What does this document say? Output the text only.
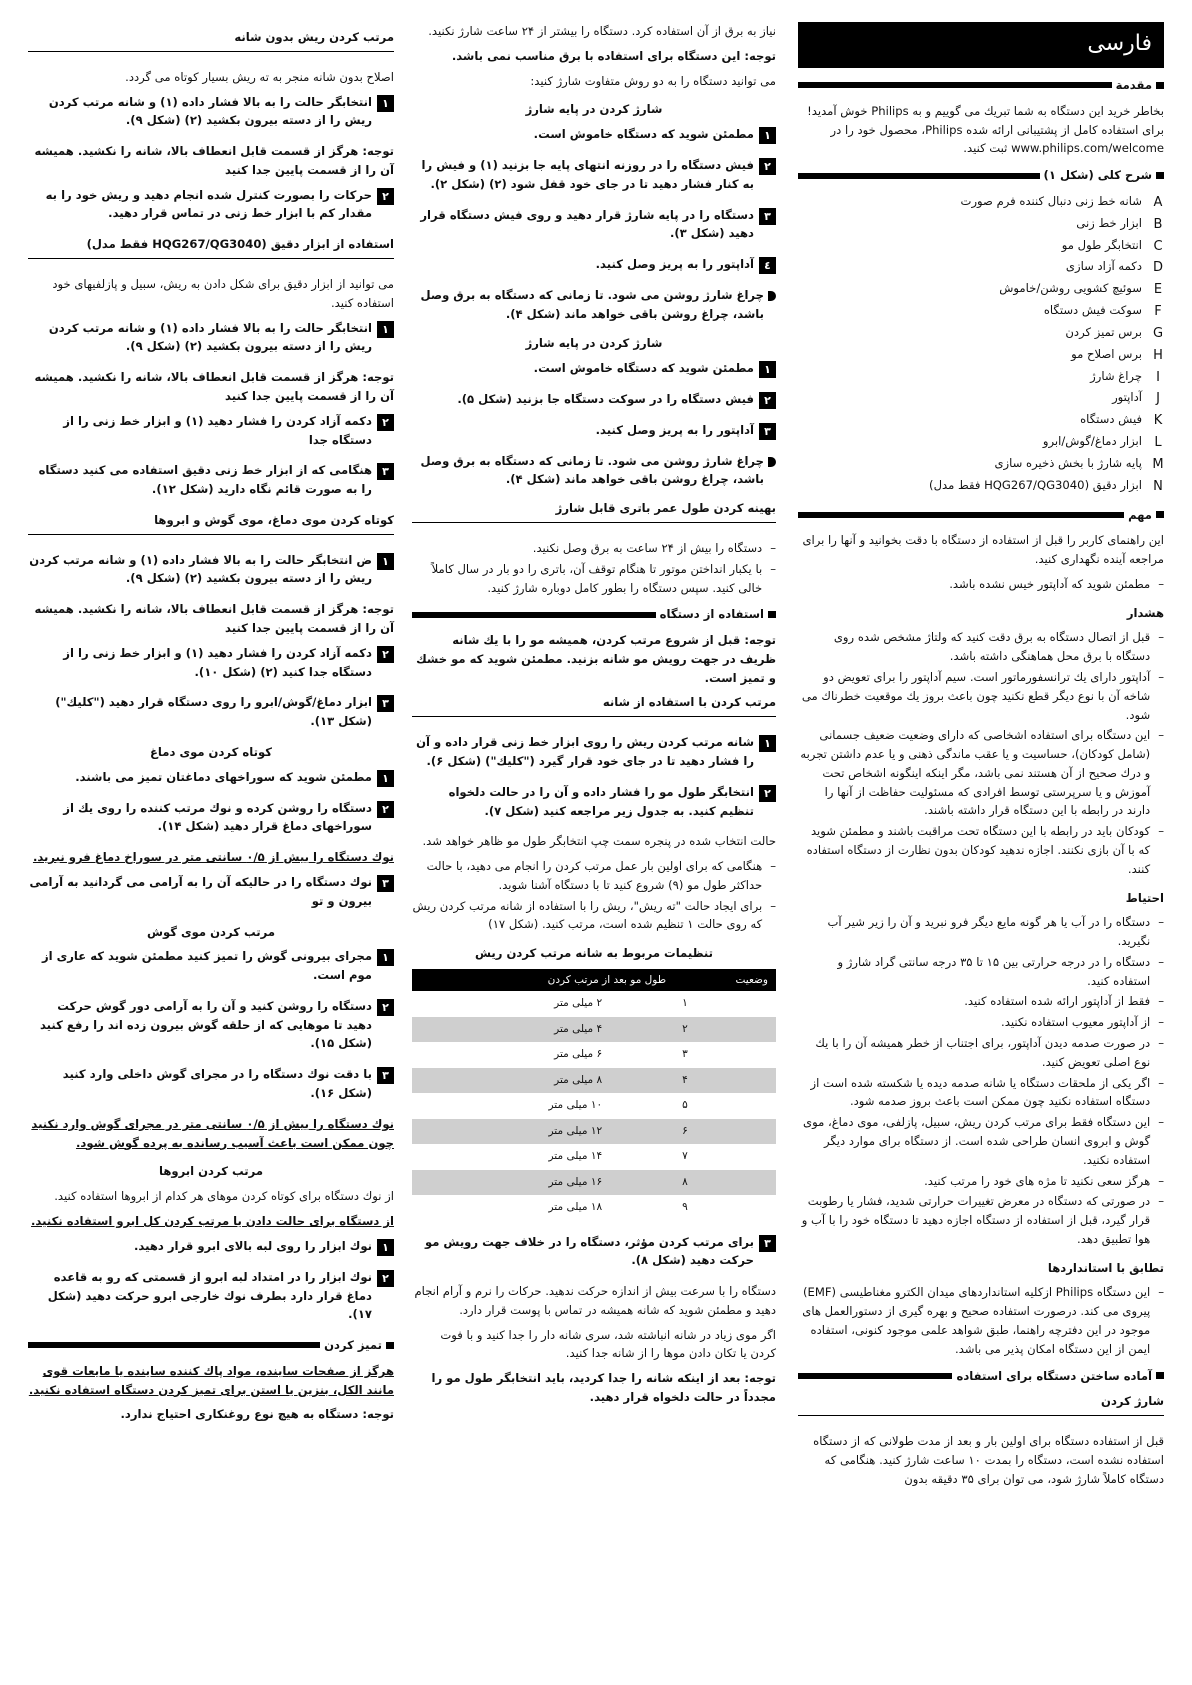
فارسی
مقدمة

بخاطر خرید این دستگاه به شما تبریك می گوییم و به Philips خوش آمدید! برای استفاده کامل از پشتیبانی ارائه شده Philips، محصول خود را در www.philips.com/welcome ثبت کنید.

شرح کلی (شکل ۱)
A
شانه خط زنی دنبال کننده فرم صورت
B
ابزار خط زنی
C
انتخابگر طول مو
D
دکمه آزاد سازی
E
سوئیچ کشویی روشن/خاموش
F
سوکت فیش دستگاه
G
برس تمیز کردن
H
برس اصلاح مو
I
چراغ شارژ
J
آداپتور
K
فیش دستگاه
L
ابزار دماغ/گوش/ابرو
M
پایه شارژ با بخش ذخیره سازی
N
ابزار دقیق (HQG267/QG3040 فقط مدل)
مهم

این راهنمای کاربر را قبل از استفاده از دستگاه با دقت بخوانید و آنها را برای مراجعه آینده نگهداری کنید.

– مطمئن شوید که آداپتور خیس نشده باشد.
هشدار
– قبل از اتصال دستگاه به برق دقت کنید که ولتاژ مشخص شده روی دستگاه با برق محل هماهنگی داشته باشد.
– آداپتور دارای یك ترانسفورماتور است. سیم آداپتور را برای تعویض دو شاخه آن با نوع دیگر قطع نکنید چون باعث بروز یك موقعیت خطرناك می شود.
– این دستگاه برای استفاده اشخاصی که دارای وضعیت ضعیف جسمانی (شامل کودکان)، حساسیت و یا عقب ماندگی ذهنی و یا عدم داشتن تجربه و درك صحیح از آن هستند نمی باشد، مگر اینکه اینگونه اشخاص تحت آموزش و یا سرپرستی توسط افرادی که مسئولیت حفاظت از آنها را دارند در رابطه با این دستگاه قرار داشته باشند.
– کودکان باید در رابطه با این دستگاه تحت مراقبت باشند و مطمئن شوید که با آن بازی نکنند. اجازه ندهید کودکان بدون نظارت از دستگاه استفاده کنند.
احتیاط
– دستگاه را در آب یا هر گونه مایع دیگر فرو نبرید و آن را زیر شیر آب نگیرید.
– دستگاه را در درجه حرارتی بین ۱۵ تا ۳۵ درجه سانتی گراد شارژ و استفاده کنید.
– فقط از آداپتور ارائه شده استفاده کنید.
– از آداپتور معیوب استفاده نکنید.
– در صورت صدمه دیدن آداپتور، برای اجتناب از خطر همیشه آن را با یك نوع اصلی تعویض کنید.
– اگر یکی از ملحقات دستگاه یا شانه صدمه دیده یا شکسته شده است از دستگاه استفاده نکنید چون ممکن است باعث بروز صدمه شود.
– این دستگاه فقط برای مرتب کردن ریش، سبیل، پازلفی، موی دماغ، موی گوش و ابروی انسان طراحی شده است. از دستگاه برای موارد دیگر استفاده نکنید.
– هرگز سعی نکنید تا مژه های خود را مرتب کنید.
– در صورتی که دستگاه در معرض تغییرات حرارتی شدید، فشار یا رطوبت قرار گیرد، قبل از استفاده از دستگاه اجازه دهید تا دستگاه خود را با آب و هوا تطبیق دهد.
تطابق با استانداردها
– این دستگاه Philips ازکلیه استانداردهای میدان الکترو مغناطیسی (EMF) پیروی می کند. درصورت استفاده صحیح و بهره گیری از دستورالعمل های موجود در این دفترچه راهنما، طبق شواهد علمی موجود کنونی، استفاده ایمن از این دستگاه امکان پذیر می باشد.
آماده ساختن دستگاه برای استفاده
شارژ کردن

قبل از استفاده دستگاه برای اولین بار و بعد از مدت طولانی که از دستگاه استفاده نشده است، دستگاه را بمدت ۱۰ ساعت شارژ کنید. هنگامی که دستگاه کاملاً شارژ شود، می توان برای ۳۵ دقیقه بدون

نیاز به برق از آن استفاده کرد. دستگاه را بیشتر از ۲۴ ساعت شارژ نکنید.

توجه: این دستگاه برای استفاده با برق مناسب نمی باشد.

می توانید دستگاه را به دو روش متفاوت شارژ کنید:

شارژ کردن در پایه شارژ
١
مطمئن شوید که دستگاه خاموش است.
٢
فیش دستگاه را در روزنه انتهای پایه جا بزنید (۱) و فیش را به کنار فشار دهید تا در جای خود قفل شود (۲) (شکل ۲).
٣
دستگاه را در پایه شارژ قرار دهید و روی فیش دستگاه قرار دهید (شکل ۳).
٤
آداپتور را به پریز وصل کنید.
چراغ شارژ روشن می شود. تا زمانی که دستگاه به برق وصل باشد، چراغ روشن باقی خواهد ماند (شکل ۴).
شارژ کردن در پایه شارژ
١
مطمئن شوید که دستگاه خاموش است.
٢
فیش دستگاه را در سوکت دستگاه جا بزنید (شکل ۵).
٣
آداپتور را به پریز وصل کنید.
چراغ شارژ روشن می شود. تا زمانی که دستگاه به برق وصل باشد، چراغ روشن باقی خواهد ماند (شکل ۴).
بهینه کردن طول عمر باتری قابل شارژ
– دستگاه را بیش از ۲۴ ساعت به برق وصل نکنید.
– با یکبار انداختن موتور تا هنگام توقف آن، باتری را دو بار در سال کاملاً خالی کنید. سپس دستگاه را بطور کامل دوباره شارژ کنید.
استفاده از دستگاه

توجه: قبل از شروع مرتب کردن، همیشه مو را با یك شانه ظریف در جهت رویش مو شانه بزنید. مطمئن شوید که مو خشك و تمیز است.

مرتب کردن با استفاده از شانه
١
شانه مرتب کردن ریش را روی ابزار خط زنی قرار داده و آن را فشار دهید تا در جای خود قرار گیرد ("کلیك") (شکل ۶).
٢
انتخابگر طول مو را فشار داده و آن را در حالت دلخواه تنظیم کنید. به جدول زیر مراجعه کنید (شکل ۷).

حالت انتخاب شده در پنجره سمت چپ انتخابگر طول مو ظاهر خواهد شد.

– هنگامی که برای اولین بار عمل مرتب کردن را انجام می دهید، با حالت حداکثر طول مو (۹) شروع کنید تا با دستگاه آشنا شوید.
– برای ایجاد حالت "ته ریش"، ریش را با استفاده از شانه مرتب کردن ریش که روی حالت ۱ تنظیم شده است، مرتب کنید. (شکل ۱۷)
تنظیمات مربوط به شانه مرتب کردن ریش
وضعیت	طول مو بعد از مرتب کردن
۱	۲ میلی متر
۲	۴ میلی متر
۳	۶ میلی متر
۴	۸ میلی متر
۵	۱۰ میلی متر
۶	۱۲ میلی متر
۷	۱۴ میلی متر
۸	۱۶ میلی متر
۹	۱۸ میلی متر
٣
برای مرتب کردن مؤثر، دستگاه را در خلاف جهت رویش مو حرکت دهید (شکل ۸).

دستگاه را با سرعت بیش از اندازه حرکت ندهید. حرکات را نرم و آرام انجام دهید و مطمئن شوید که شانه همیشه در تماس با پوست قرار دارد.

اگر موی زیاد در شانه انباشته شد، سری شانه دار را جدا کنید و با فوت کردن یا تکان دادن موها را از شانه جدا کنید.

توجه: بعد از اینکه شانه را جدا کردید، باید انتخابگر طول مو را مجدداً در حالت دلخواه قرار دهید.

مرتب کردن ریش بدون شانه

اصلاح بدون شانه منجر به ته ریش بسیار کوتاه می گردد.

١
انتخابگر حالت را به بالا فشار داده (۱) و شانه مرتب کردن ریش را از دسته بیرون بکشید (۲) (شکل ۹).

توجه: هرگز از قسمت قابل انعطاف بالا، شانه را نکشید. همیشه آن را از قسمت پایین جدا کنید

٢
حرکات را بصورت کنترل شده انجام دهید و ریش خود را به مقدار کم با ابزار خط زنی در تماس قرار دهید.
استفاده از ابزار دقیق (HQG267/QG3040 فقط مدل)

می توانید از ابزار دقیق برای شکل دادن به ریش، سبیل و پازلفیهای خود استفاده کنید.

١
انتخابگر حالت را به بالا فشار داده (۱) و شانه مرتب کردن ریش را از دسته بیرون بکشید (۲) (شکل ۹).

توجه: هرگز از قسمت قابل انعطاف بالا، شانه را نکشید. همیشه آن را از قسمت پایین جدا کنید

٢
دکمه آزاد کردن را فشار دهید (۱) و ابزار خط زنی را از دستگاه جدا
٣
هنگامی که از ابزار خط زنی دقیق استفاده می کنید دستگاه را به صورت قائم نگاه دارید (شکل ۱۲).
کوتاه کردن موی دماغ، موی گوش و ابروها
١
ض انتخابگر حالت را به بالا فشار داده (۱) و شانه مرتب کردن ریش را از دسته بیرون بکشید (۲) (شکل ۹).

توجه: هرگز از قسمت قابل انعطاف بالا، شانه را نکشید. همیشه آن را از قسمت پایین جدا کنید

٢
دکمه آزاد کردن را فشار دهید (۱) و ابزار خط زنی را از دستگاه جدا کنید (۲) (شکل ۱۰).
٣
ابزار دماغ/گوش/ابرو را روی دستگاه قرار دهید ("کلیك") (شکل ۱۳).
کوتاه کردن موی دماغ
١
مطمئن شوید که سوراخهای دماغتان تمیز می باشند.
٢
دستگاه را روشن کرده و نوك مرتب کننده را روی یك از سوراخهای دماغ قرار دهید (شکل ۱۴).

نوك دستگاه را بیش از ۰/۵ سانتی متر در سوراخ دماغ فرو نبرید.

٣
نوك دستگاه را در حالیکه آن را به آرامی می گردانید به آرامی بیرون و تو
مرتب کردن موی گوش
١
مجرای بیرونی گوش را تمیز کنید مطمئن شوید که عاری از موم است.
٢
دستگاه را روشن کنید و آن را به آرامی دور گوش حرکت دهید تا موهایی که از حلقه گوش بیرون زده اند را رفع کنید (شکل ۱۵).
٣
با دقت نوك دستگاه را در مجرای گوش داخلی وارد کنید (شکل ۱۶).

نوك دستگاه را بیش از ۰/۵ سانتی متر در مجرای گوش وارد نکنید چون ممکن است باعث آسیب رسانده به پرده گوش شود.

مرتب کردن ابروها

از نوك دستگاه برای کوتاه کردن موهای هر کدام از ابروها استفاده کنید.

از دستگاه برای حالت دادن یا مرتب کردن کل ابرو استفاده نکنید.

١
نوك ابزار را روی لبه بالای ابرو قرار دهید.
٢
نوك ابزار را در امتداد لبه ابرو از قسمتی که رو به قاعده دماغ قرار دارد بطرف نوك خارجی ابرو حرکت دهید (شکل ۱۷).
تمیز کردن

هرگز از صفحات ساینده، مواد پاك کننده ساینده یا مایعات قوی مانند الکل، بنزین یا استن برای تمیز کردن دستگاه استفاده نکنید.

توجه: دستگاه به هیچ نوع روغنکاری احتیاج ندارد.
